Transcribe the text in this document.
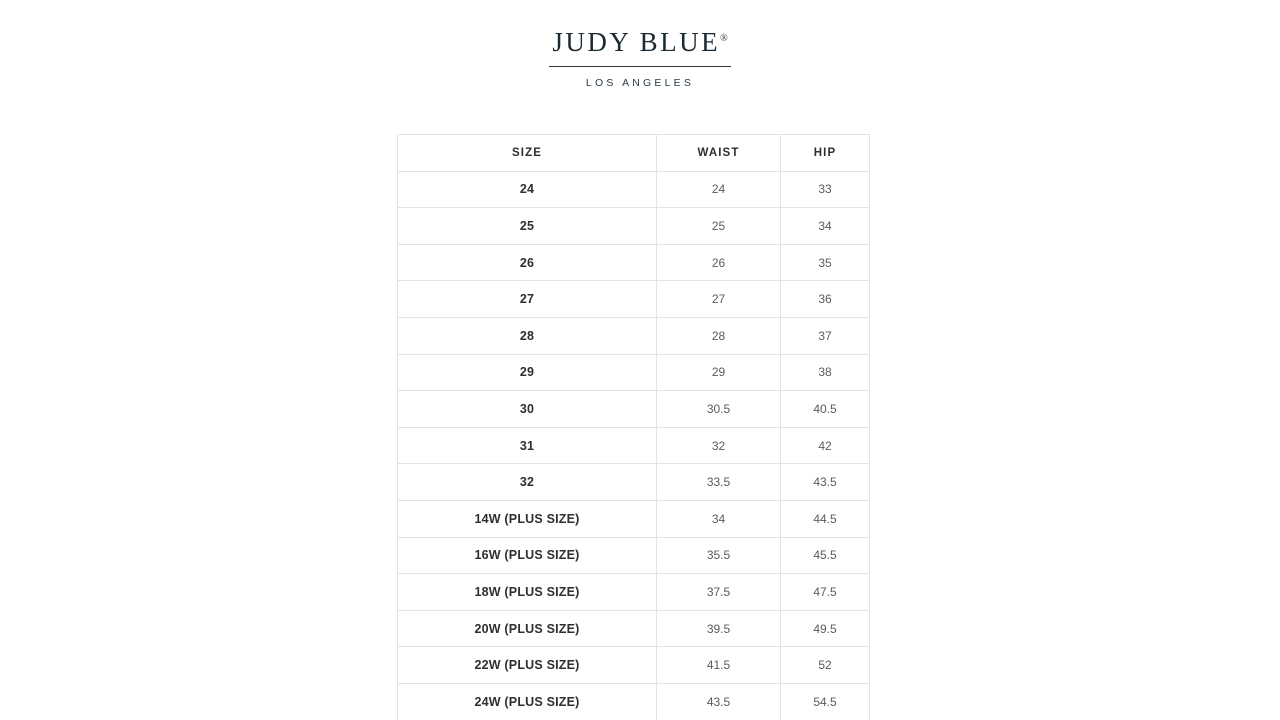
JUDY BLUE®
LOS ANGELES
SIZE	WAIST	HIP
24	24	33
25	25	34
26	26	35
27	27	36
28	28	37
29	29	38
30	30.5	40.5
31	32	42
32	33.5	43.5
14W (PLUS SIZE)	34	44.5
16W (PLUS SIZE)	35.5	45.5
18W (PLUS SIZE)	37.5	47.5
20W (PLUS SIZE)	39.5	49.5
22W (PLUS SIZE)	41.5	52
24W (PLUS SIZE)	43.5	54.5
